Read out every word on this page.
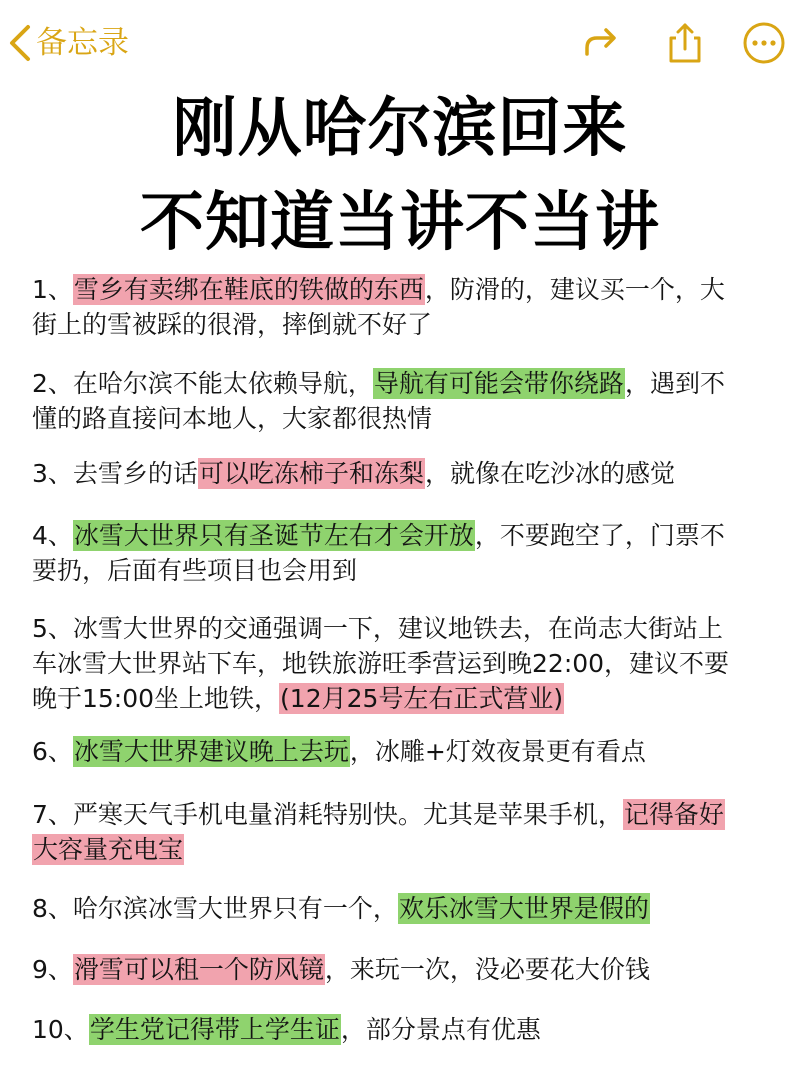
备忘录
刚从哈尔滨回来
不知道当讲不当讲
1、雪乡有卖绑在鞋底的铁做的东西，防滑的，建议买一个，大
街上的雪被踩的很滑，摔倒就不好了
2、在哈尔滨不能太依赖导航，导航有可能会带你绕路，遇到不
懂的路直接问本地人，大家都很热情
3、去雪乡的话可以吃冻柿子和冻梨，就像在吃沙冰的感觉
4、冰雪大世界只有圣诞节左右才会开放，不要跑空了，门票不
要扔，后面有些项目也会用到
5、冰雪大世界的交通强调一下，建议地铁去，在尚志大街站上
车冰雪大世界站下车，地铁旅游旺季营运到晚22:00，建议不要
晚于15:00坐上地铁，(12月25号左右正式营业)
6、冰雪大世界建议晚上去玩，冰雕+灯效夜景更有看点
7、严寒天气手机电量消耗特别快。尤其是苹果手机，记得备好
大容量充电宝
8、哈尔滨冰雪大世界只有一个，欢乐冰雪大世界是假的
9、滑雪可以租一个防风镜，来玩一次，没必要花大价钱
10、学生党记得带上学生证，部分景点有优惠
